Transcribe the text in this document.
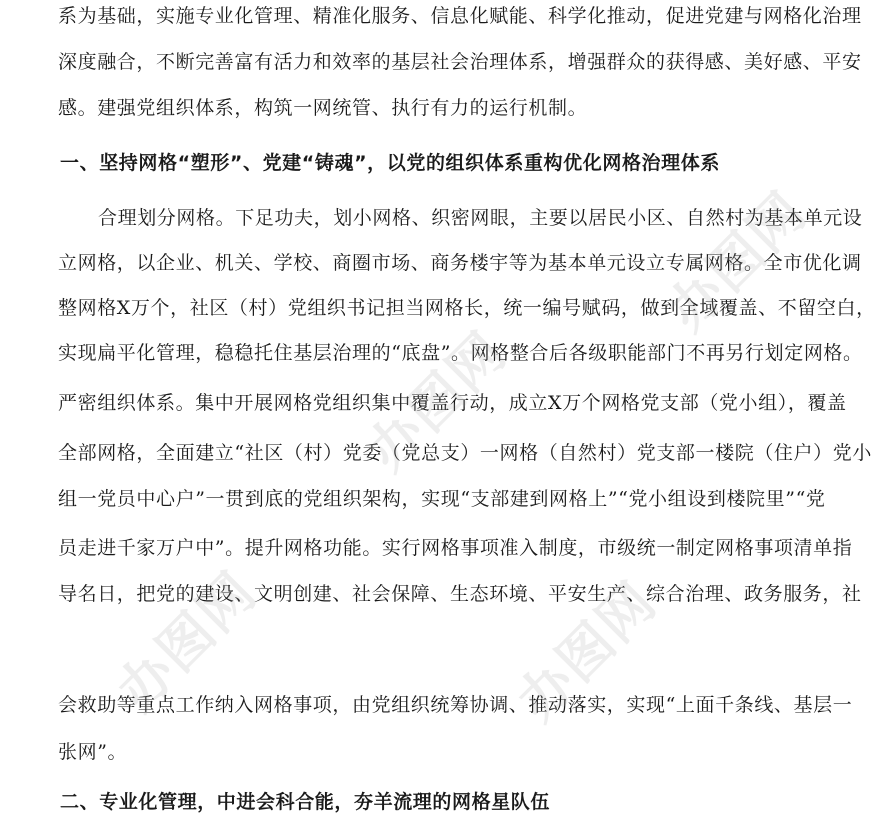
系为基础，实施专业化管理、精准化服务、信息化赋能、科学化推动，促进党建与网格化治理
深度融合，不断完善富有活力和效率的基层社会治理体系，增强群众的获得感、美好感、平安
感。建强党组织体系，构筑一网统管、执行有力的运行机制。
一、坚持网格“塑形”、党建“铸魂”，以党的组织体系重构优化网格治理体系
合理划分网格。下足功夫，划小网格、织密网眼，主要以居民小区、自然村为基本单元设
立网格，以企业、机关、学校、商圈市场、商务楼宇等为基本单元设立专属网格。全市优化调
整网格X万个，社区（村）党组织书记担当网格长，统一编号赋码，做到全域覆盖、不留空白，
实现扁平化管理，稳稳托住基层治理的“底盘”。网格整合后各级职能部门不再另行划定网格。
严密组织体系。集中开展网格党组织集中覆盖行动，成立X万个网格党支部（党小组），覆盖
全部网格，全面建立“社区（村）党委（党总支）一网格（自然村）党支部一楼院（住户）党小
组一党员中心户”一贯到底的党组织架构，实现“支部建到网格上”“党小组设到楼院里”“党
员走进千家万户中”。提升网格功能。实行网格事项准入制度，市级统一制定网格事项清单指
导名日，把党的建设、文明创建、社会保障、生态环境、平安生产、综合治理、政务服务，社
会救助等重点工作纳入网格事项，由党组织统筹协调、推动落实，实现“上面千条线、基层一
张网”。
二、专业化管理，中进会科合能，夯羊流理的网格星队伍
办图网
办图网
办图网
办图网
